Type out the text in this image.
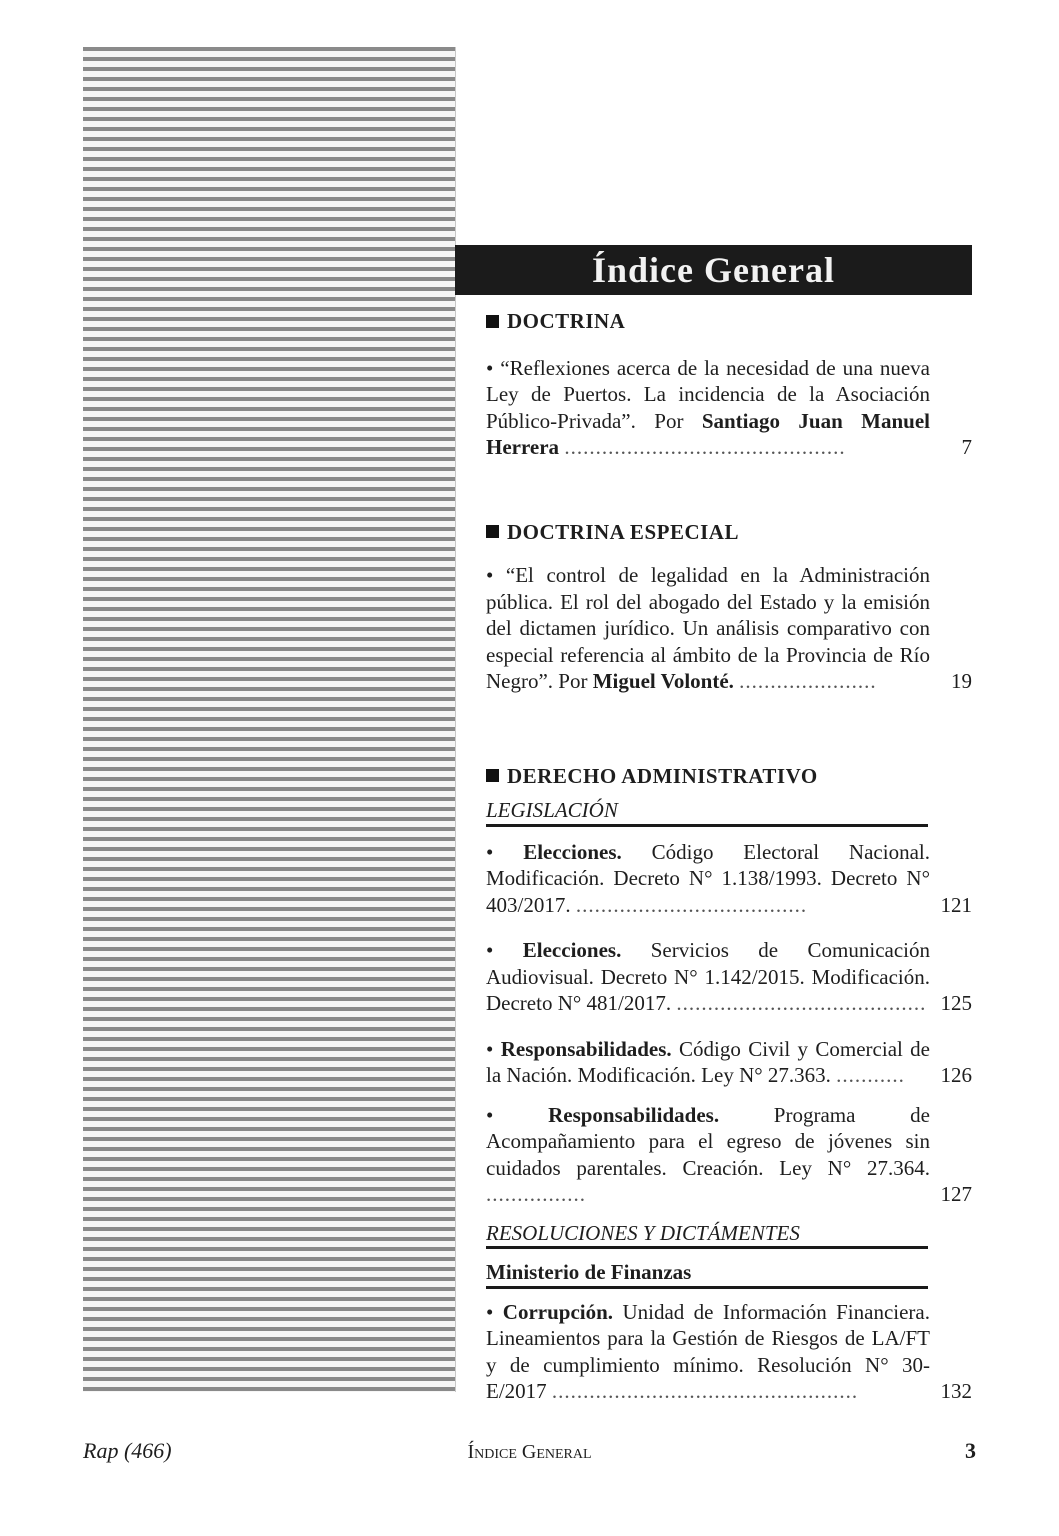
Índice General
DOCTRINA
• “Reflexiones acerca de la necesidad de una nueva Ley de Puertos. La incidencia de la Asociación Público-Privada”. Por Santiago Juan Manuel Herrera .............................................	7
DOCTRINA ESPECIAL
• “El control de legalidad en la Administración pública. El rol del abogado del Estado y la emisión del dictamen jurídico. Un análisis comparativo con especial referencia al ámbito de la Provincia de Río Negro”. Por Miguel Volonté. ......................	19
DERECHO ADMINISTRATIVO
LEGISLACIÓN
• Elecciones. Código Electoral Nacional. Modificación. Decreto N° 1.138/1993. Decreto N° 403/2017. .....................................	121
• Elecciones. Servicios de Comunicación Audiovisual. Decreto N° 1.142/2015. Modificación. Decreto N° 481/2017. ........................................ 125
• Responsabilidades. Código Civil y Comercial de la Nación. Modificación. Ley N° 27.363. ...........	126
• Responsabilidades. Programa de Acompañamiento para el egreso de jóvenes sin cuidados parentales. Creación. Ley N° 27.364. ................	127
RESOLUCIONES Y DICTÁMENTES
Ministerio de Finanzas
• Corrupción. Unidad de Información Financiera. Lineamientos para la Gestión de Riesgos de LA/FT y de cumplimiento mínimo. Resolución N° 30-E/2017 .................................................	132
Rap (466)	Índice General	3
